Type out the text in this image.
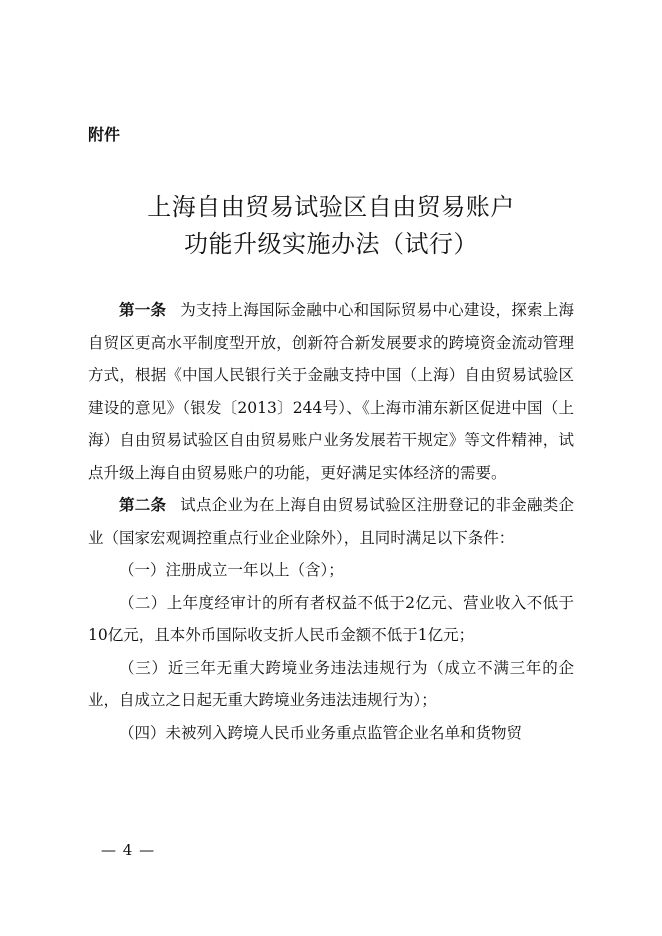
附件
上海自由贸易试验区自由贸易账户
功能升级实施办法（试行）

第一条 为支持上海国际金融中心和国际贸易中心建设，探索上海自贸区更高水平制度型开放，创新符合新发展要求的跨境资金流动管理方式，根据《中国人民银行关于金融支持中国（上海）自由贸易试验区建设的意见》（银发〔2013〕244号）、《上海市浦东新区促进中国（上海）自由贸易试验区自由贸易账户业务发展若干规定》等文件精神，试点升级上海自由贸易账户的功能，更好满足实体经济的需要。

第二条 试点企业为在上海自由贸易试验区注册登记的非金融类企业（国家宏观调控重点行业企业除外），且同时满足以下条件：

（一）注册成立一年以上（含）；

（二）上年度经审计的所有者权益不低于2亿元、营业收入不低于10亿元，且本外币国际收支折人民币金额不低于1亿元；

（三）近三年无重大跨境业务违法违规行为（成立不满三年的企业，自成立之日起无重大跨境业务违法违规行为）；

（四）未被列入跨境人民币业务重点监管企业名单和货物贸

— 4 —
